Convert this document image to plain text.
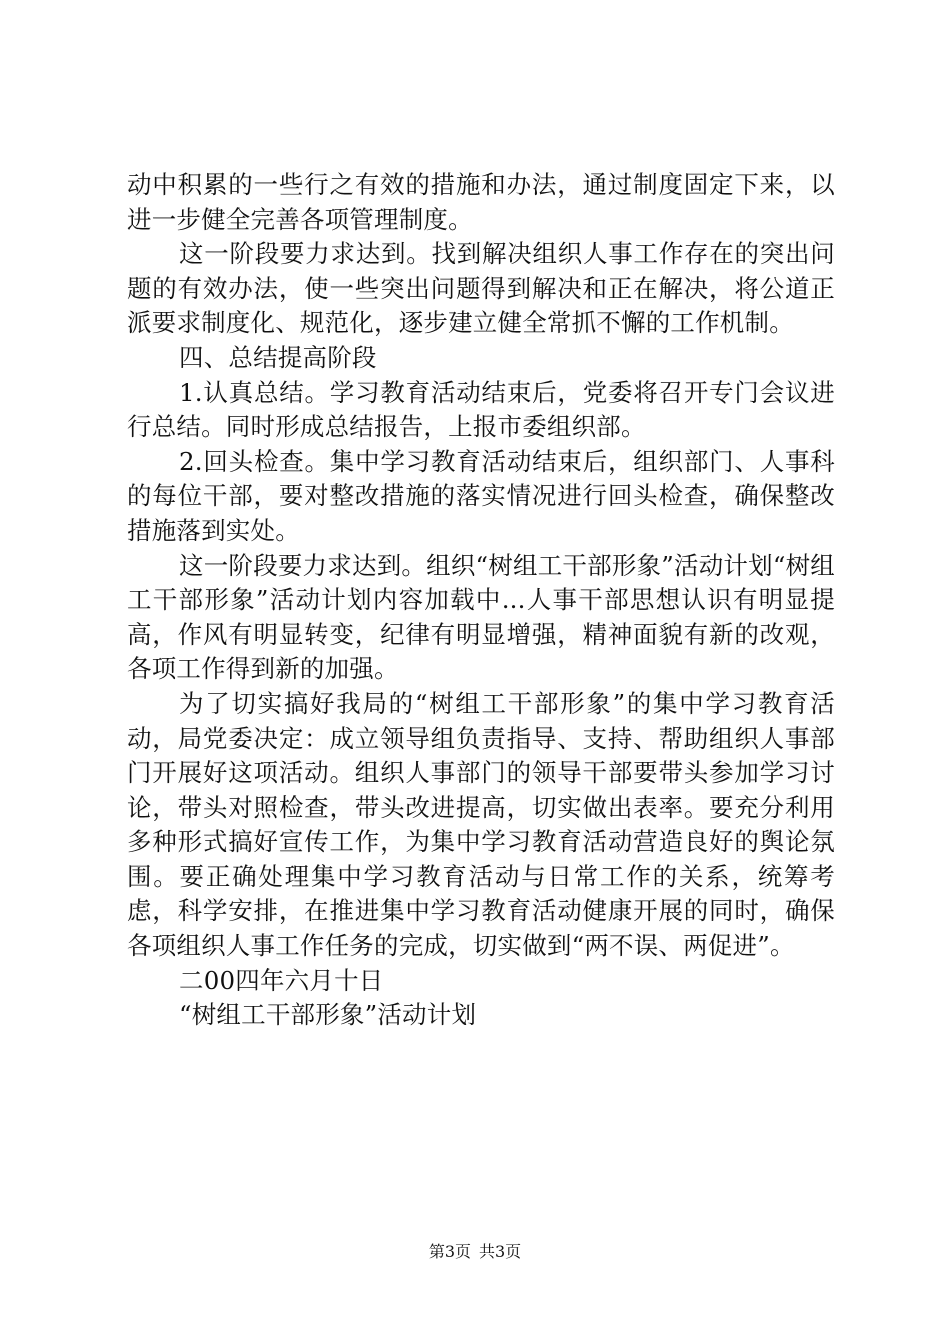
动中积累的一些行之有效的措施和办法，通过制度固定下来，以进一步健全完善各项管理制度。

这一阶段要力求达到。找到解决组织人事工作存在的突出问题的有效办法，使一些突出问题得到解决和正在解决，将公道正派要求制度化、规范化，逐步建立健全常抓不懈的工作机制。

四、总结提高阶段

1.认真总结。学习教育活动结束后，党委将召开专门会议进行总结。同时形成总结报告，上报市委组织部。

2.回头检查。集中学习教育活动结束后，组织部门、人事科的每位干部，要对整改措施的落实情况进行回头检查，确保整改措施落到实处。

这一阶段要力求达到。组织“树组工干部形象”活动计划“树组工干部形象”活动计划内容加载中...人事干部思想认识有明显提高，作风有明显转变，纪律有明显增强，精神面貌有新的改观，各项工作得到新的加强。

为了切实搞好我局的“树组工干部形象”的集中学习教育活动，局党委决定：成立领导组负责指导、支持、帮助组织人事部门开展好这项活动。组织人事部门的领导干部要带头参加学习讨论，带头对照检查，带头改进提高，切实做出表率。要充分利用多种形式搞好宣传工作，为集中学习教育活动营造良好的舆论氛围。要正确处理集中学习教育活动与日常工作的关系，统筹考虑，科学安排，在推进集中学习教育活动健康开展的同时，确保各项组织人事工作任务的完成，切实做到“两不误、两促进”。

二00四年六月十日

“树组工干部形象”活动计划

第3页 共3页
